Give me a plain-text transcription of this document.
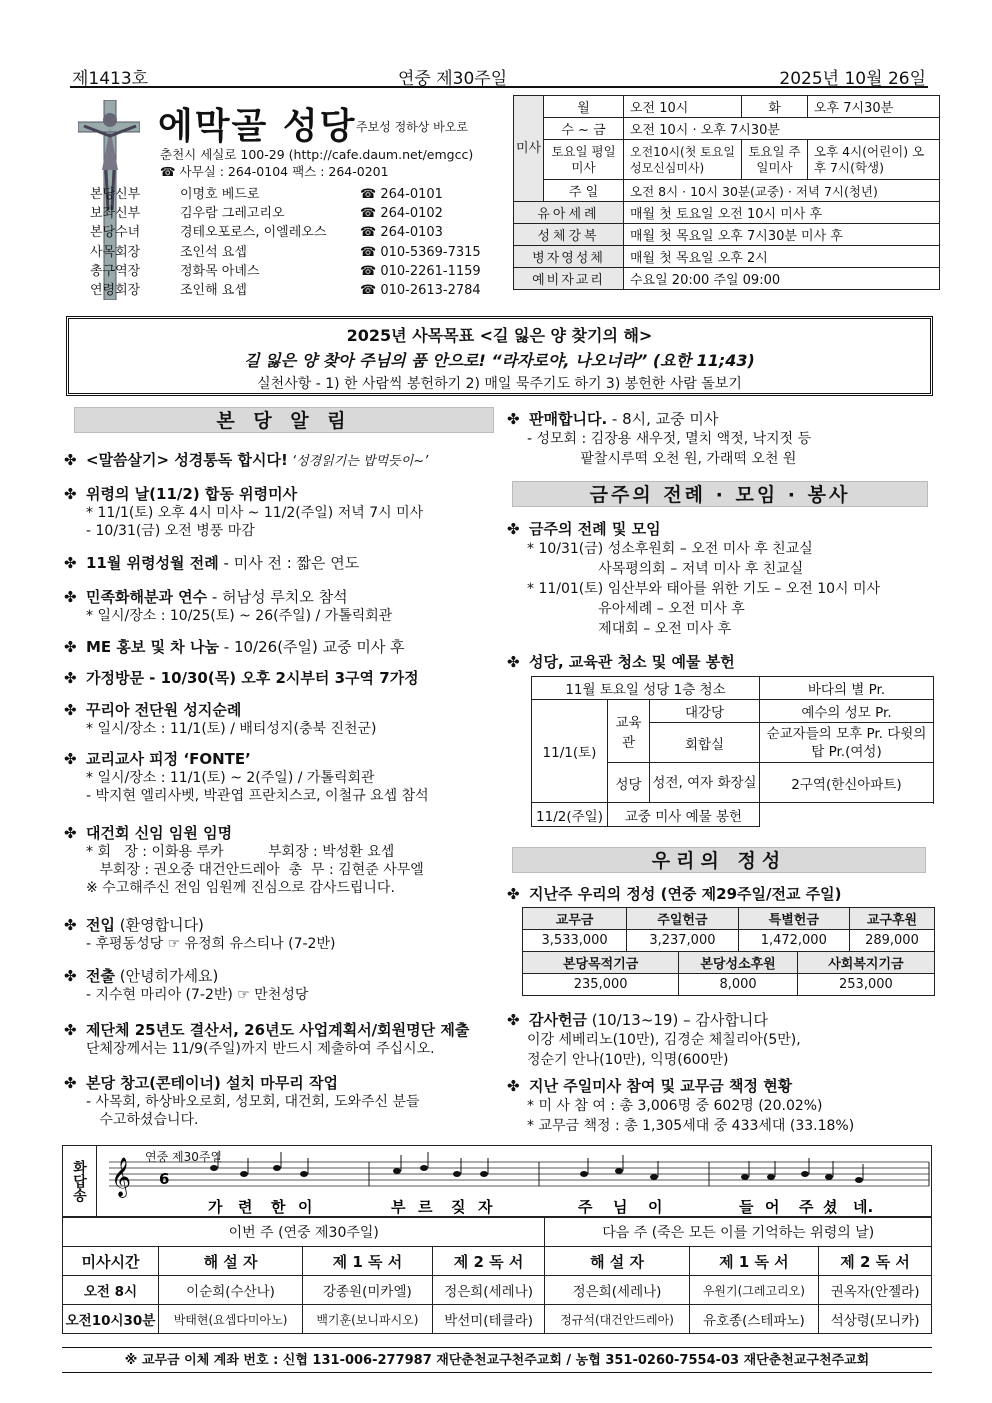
제1413호	연중 제30주일	2025년 10월 26일
에막골 성당 주보성 정하상 바오로
춘천시 세실로 100-29 (http://cafe.daum.net/emgcc)
☎ 사무실 : 264-0104 팩스 : 264-0201
본당신부	이명호 베드로	☎ 264-0101
보좌신부	김우람 그레고리오	☎ 264-0102
본당수녀	경테오포로스, 이엘레오스	☎ 264-0103
사목회장	조인석 요셉	☎ 010-5369-7315
총구역장	정화목 아녜스	☎ 010-2261-1159
연령회장	조인해 요셉	☎ 010-2613-2784
미사	월	오전 10시	화	오후 7시30분
	수 ~ 금	오전 10시 · 오후 7시30분		
	토요일 평일미사	오전10시(첫 토요일 성모신심미사)	토요일 주일미사	오후 4시(어린이) 오후 7시(학생)
	주 일	오전 8시 · 10시 30분(교중) · 저녁 7시(청년)		
유아세례		매월 첫 토요일 오전 10시 미사 후		
성체강복		매월 첫 목요일 오후 7시30분 미사 후		
병자영성체		매월 첫 목요일 오후 2시		
예비자교리		수요일 20:00 주일 09:00		
2025년 사목목표 <길 잃은 양 찾기의 해>
길 잃은 양 찾아 주님의 품 안으로! “라자로야, 나오너라” (요한 11;43)
실천사항 - 1) 한 사람씩 봉헌하기 2) 매일 묵주기도 하기 3) 봉헌한 사람 돌보기
본 당 알 림
✤ <말씀살기> 성경통독 합시다! ‘성경읽기는 밥먹듯이~’
✤ 위령의 날(11/2) 합동 위령미사
* 11/1(토) 오후 4시 미사 ~ 11/2(주일) 저녁 7시 미사
- 10/31(금) 오전 병풍 마감
✤ 11월 위령성월 전례 - 미사 전 : 짧은 연도
✤ 민족화해분과 연수 - 허남성 루치오 참석
* 일시/장소 : 10/25(토) ~ 26(주일) / 가톨릭회관
✤ ME 홍보 및 차 나눔 - 10/26(주일) 교중 미사 후
✤ 가정방문 - 10/30(목) 오후 2시부터 3구역 7가정
✤ 꾸리아 전단원 성지순례
* 일시/장소 : 11/1(토) / 배티성지(충북 진천군)
✤ 교리교사 피정 ‘FONTE’
* 일시/장소 : 11/1(토) ~ 2(주일) / 가톨릭회관
- 박지현 엘리사벳, 박관엽 프란치스코, 이철규 요셉 참석
✤ 대건회 신임 임원 임명
* 회   장 : 이화용 루카          부회장 : 박성환 요셉
부회장 : 권오중 대건안드레아  총  무 : 김현준 사무엘
※ 수고해주신 전임 임원께 진심으로 감사드립니다.
✤ 전입 (환영합니다)
- 후평동성당 ☞ 유정희 유스티나 (7-2반)
✤ 전출 (안녕히가세요)
- 지수현 마리아 (7-2반) ☞ 만천성당
✤ 제단체 25년도 결산서, 26년도 사업계획서/회원명단 제출
단체장께서는 11/9(주일)까지 반드시 제출하여 주십시오.
✤ 본당 창고(콘테이너) 설치 마무리 작업
- 사목회, 하상바오로회, 성모회, 대건회, 도와주신 분들
수고하셨습니다.
✤ 판매합니다. - 8시, 교중 미사
- 성모회 : 김장용 새우젓, 멸치 액젓, 낙지젓 등
팥찰시루떡 오천 원, 가래떡 오천 원
✤ 금주의 전례 및 모임
* 10/31(금) 성소후원회 – 오전 미사 후 친교실
사목평의회 – 저녁 미사 후 친교실
* 11/01(토) 임산부와 태아를 위한 기도 – 오전 10시 미사
유아세례 – 오전 미사 후
제대회 – 오전 미사 후
✤ 성당, 교육관 청소 및 예물 봉헌
✤ 지난주 우리의 정성 (연중 제29주일/전교 주일)
✤ 감사헌금 (10/13~19) – 감사합니다
이강 세베리노(10만), 김경순 체칠리아(5만),
정순기 안나(10만), 익명(600만)
✤ 지난 주일미사 참여 및 교무금 책정 현황
* 미 사 참 여 : 총 3,006명 중 602명 (20.02%)
* 교무금 책정 : 총 1,305세대 중 433세대 (33.18%)
금주의 전례 · 모임 · 봉사
11월 토요일 성당 1층 청소			바다의 별 Pr.
11/1(토)	교육관	대강당	예수의 성모 Pr.
		회합실	순교자들의 모후 Pr. 다윗의 탑 Pr.(여성)
	성당	성전, 여자 화장실	2구역(한신아파트)

11/2(주일)	교중 미사 예물 봉헌		
우리의 정성
교무금	주일헌금		특별헌금		교구후원
3,533,000	3,237,000		1,472,000		289,000
본당목적기금		본당성소후원		사회복지기금	
235,000		8,000		253,000	
화답송
연중 제30주일
𝄞 6
가 련 한 이	부 르 짖 자	주 님 이	들 어 주 셨 네.
이번 주 (연중 제30주일)				다음 주 (죽은 모든 이를 기억하는 위령의 날)		
미사시간	해 설 자	제 1 독 서	제 2 독 서	해 설 자	제 1 독 서	제 2 독 서
오전 8시	이순희(수산나)	강종원(미카엘)	정은희(세레나)	정은희(세레나)	우원기(그레고리오)	권옥자(안젤라)
오전10시30분	박태현(요셉다미아노)	백기훈(보니파시오)	박선미(테클라)	정규석(대건안드레아)	유호종(스테파노)	석상령(모니카)
※ 교무금 이체 계좌 번호 : 신협 131-006-277987 재단춘천교구천주교회 / 농협 351-0260-7554-03 재단춘천교구천주교회
